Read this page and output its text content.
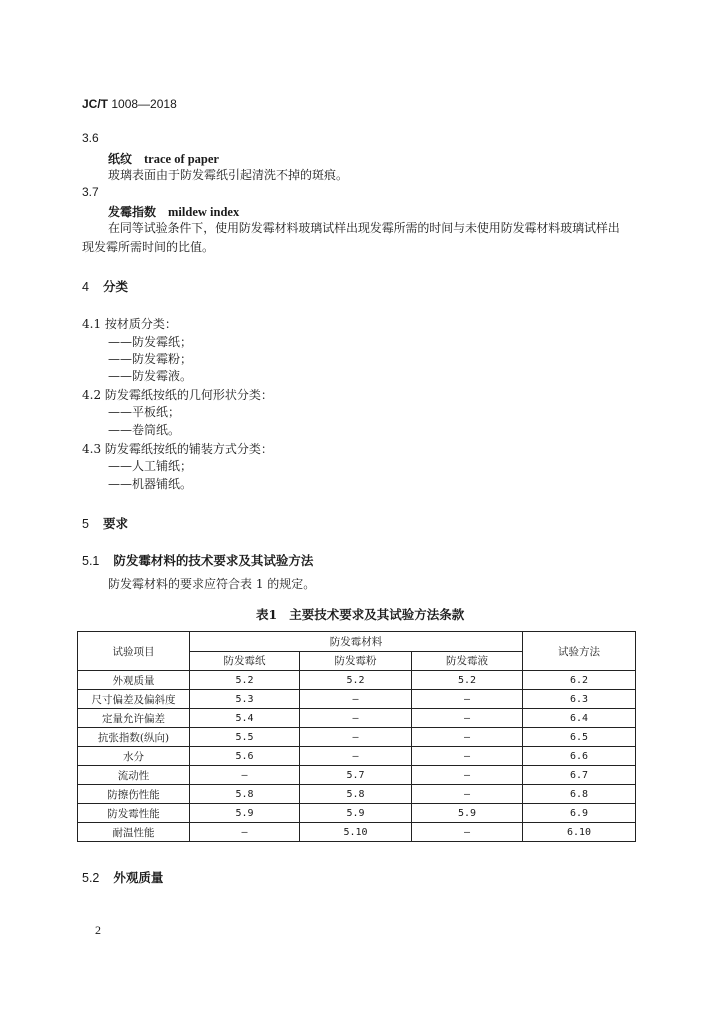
JC/T 1008—2018
3.6
纸纹 trace of paper
玻璃表面由于防发霉纸引起清洗不掉的斑痕。
3.7
发霉指数 mildew index
在同等试验条件下，使用防发霉材料玻璃试样出现发霉所需的时间与未使用防发霉材料玻璃试样出
现发霉所需时间的比值。
4 分类
4.1 按材质分类：
——防发霉纸；
——防发霉粉；
——防发霉液。
4.2 防发霉纸按纸的几何形状分类：
——平板纸；
——卷筒纸。
4.3 防发霉纸按纸的铺装方式分类：
——人工铺纸；
——机器铺纸。
5 要求
5.1 防发霉材料的技术要求及其试验方法
防发霉材料的要求应符合表 1 的规定。
表1 主要技术要求及其试验方法条款
试验项目	防发霉材料			试验方法
	防发霉纸	防发霉粉	防发霉液	
外观质量	5.2	5.2	5.2	6.2
尺寸偏差及偏斜度	5.3	—	—	6.3
定量允许偏差	5.4	—	—	6.4
抗张指数(纵向)	5.5	—	—	6.5
水分	5.6	—	—	6.6
流动性	—	5.7	—	6.7
防擦伤性能	5.8	5.8	—	6.8
防发霉性能	5.9	5.9	5.9	6.9
耐温性能	—	5.10	—	6.10
5.2 外观质量
2
